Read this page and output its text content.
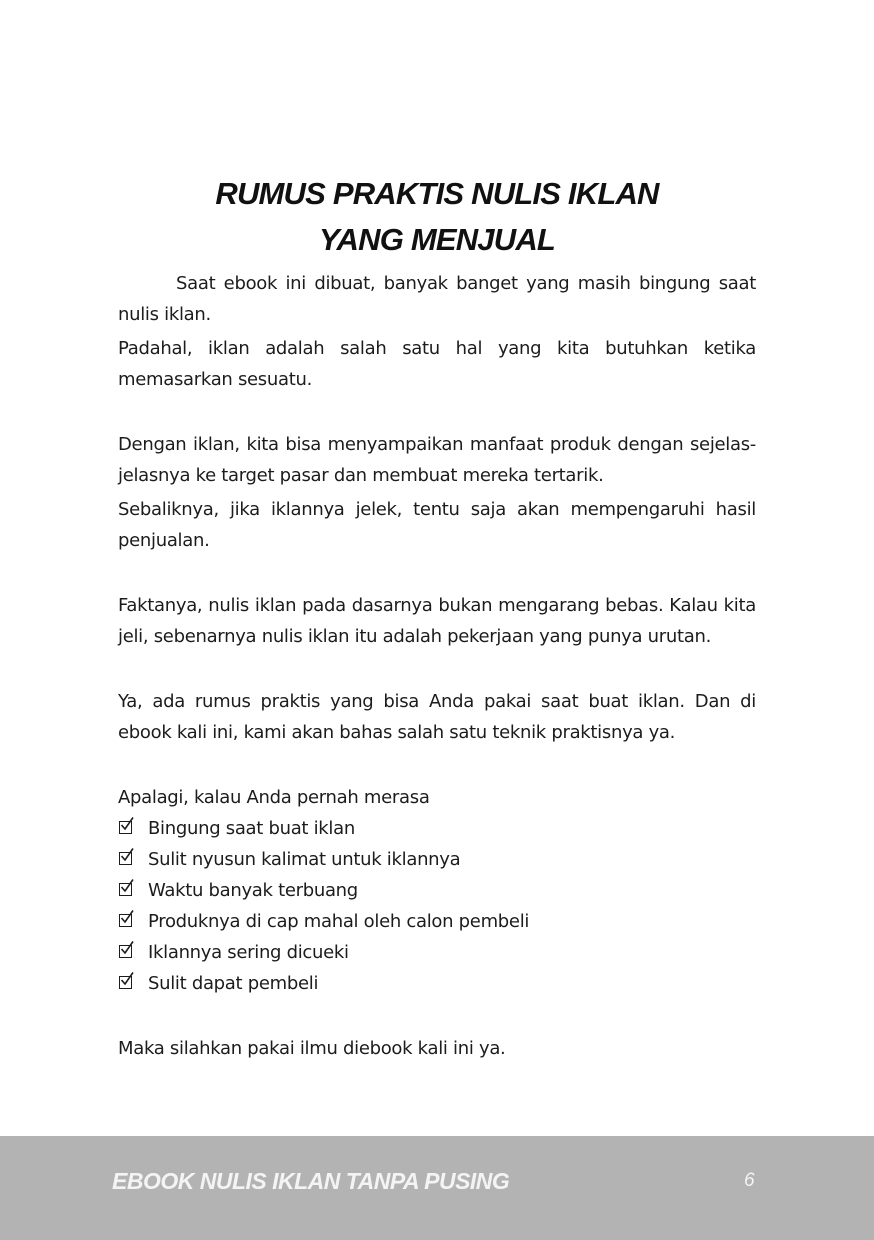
RUMUS PRAKTIS NULIS IKLAN
YANG MENJUAL

Saat ebook ini dibuat, banyak banget yang masih bingung saat nulis iklan.

Padahal, iklan adalah salah satu hal yang kita butuhkan ketika memasarkan sesuatu.

Dengan iklan, kita bisa menyampaikan manfaat produk dengan sejelas-jelasnya ke target pasar dan membuat mereka tertarik.

Sebaliknya, jika iklannya jelek, tentu saja akan mempengaruhi hasil penjualan.

Faktanya, nulis iklan pada dasarnya bukan mengarang bebas. Kalau kita jeli, sebenarnya nulis iklan itu adalah pekerjaan yang punya urutan.

Ya, ada rumus praktis yang bisa Anda pakai saat buat iklan. Dan di ebook kali ini, kami akan bahas salah satu teknik praktisnya ya.

Apalagi, kalau Anda pernah merasa

Bingung saat buat iklan
Sulit nyusun kalimat untuk iklannya
Waktu banyak terbuang
Produknya di cap mahal oleh calon pembeli
Iklannya sering dicueki
Sulit dapat pembeli

Maka silahkan pakai ilmu diebook kali ini ya.

EBOOK NULIS IKLAN TANPA PUSING	6
